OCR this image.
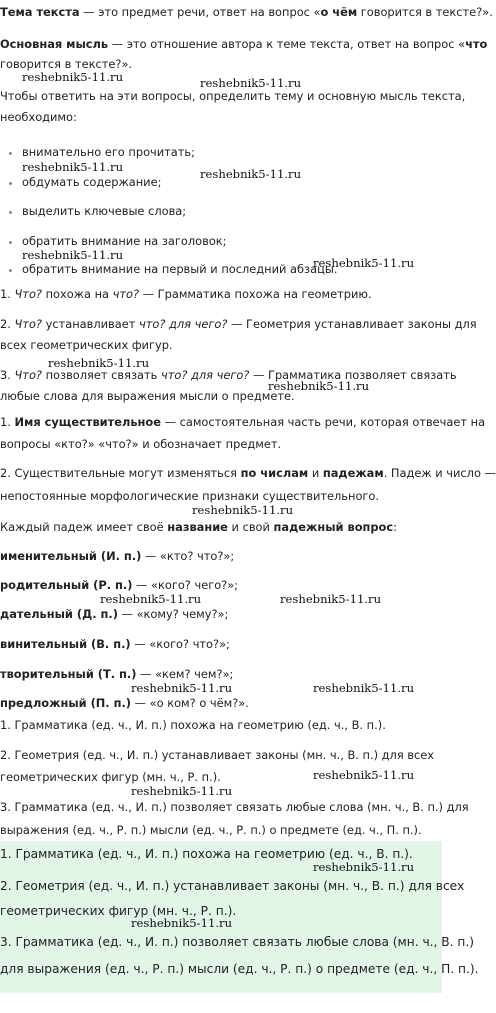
Тема текста — это предмет речи, ответ на вопрос «о чём говорится в тексте?».
Основная мысль — это отношение автора к теме текста, ответ на вопрос «что
говорится в тексте?».
Чтобы ответить на эти вопросы, определить тему и основную мысль текста,
необходимо:
внимательно его прочитать;
обдумать содержание;
выделить ключевые слова;
обратить внимание на заголовок;
обратить внимание на первый и последний абзацы.
1. Что? похожа на что? — Грамматика похожа на геометрию.
2. Что? устанавливает что? для чего? — Геометрия устанавливает законы для
всех геометрических фигур.
3. Что? позволяет связать что? для чего? — Грамматика позволяет связать
любые слова для выражения мысли о предмете.
1. Имя существительное — самостоятельная часть речи, которая отвечает на
вопросы «кто?» «что?» и обозначает предмет.
2. Существительные могут изменяться по числам и падежам. Падеж и число —
непостоянные морфологические признаки существительного.
Каждый падеж имеет своё название и свой падежный вопрос:
именительный (И. п.) — «кто? что?»;
родительный (Р. п.) — «кого? чего?»;
дательный (Д. п.) — «кому? чему?»;
винительный (В. п.) — «кого? что?»;
творительный (Т. п.) — «кем? чем?»;
предложный (П. п.) — «о ком? о чём?».
1. Грамматика (ед. ч., И. п.) похожа на геометрию (ед. ч., В. п.).
2. Геометрия (ед. ч., И. п.) устанавливает законы (мн. ч., В. п.) для всех
геометрических фигур (мн. ч., Р. п.).
3. Грамматика (ед. ч., И. п.) позволяет связать любые слова (мн. ч., В. п.) для
выражения (ед. ч., Р. п.) мысли (ед. ч., Р. п.) о предмете (ед. ч., П. п.).
1. Грамматика (ед. ч., И. п.) похожа на геометрию (ед. ч., В. п.).
2. Геометрия (ед. ч., И. п.) устанавливает законы (мн. ч., В. п.) для всех
геометрических фигур (мн. ч., Р. п.).
3. Грамматика (ед. ч., И. п.) позволяет связать любые слова (мн. ч., В. п.)
для выражения (ед. ч., Р. п.) мысли (ед. ч., Р. п.) о предмете (ед. ч., П. п.).
reshebnik5-11.ru	reshebnik5-11.ru
reshebnik5-11.ru	reshebnik5-11.ru
reshebnik5-11.ru
reshebnik5-11.ru
reshebnik5-11.ru
reshebnik5-11.ru
reshebnik5-11.ru
reshebnik5-11.ru	reshebnik5-11.ru
reshebnik5-11.ru	reshebnik5-11.ru
reshebnik5-11.ru
reshebnik5-11.ru
reshebnik5-11.ru
reshebnik5-11.ru
